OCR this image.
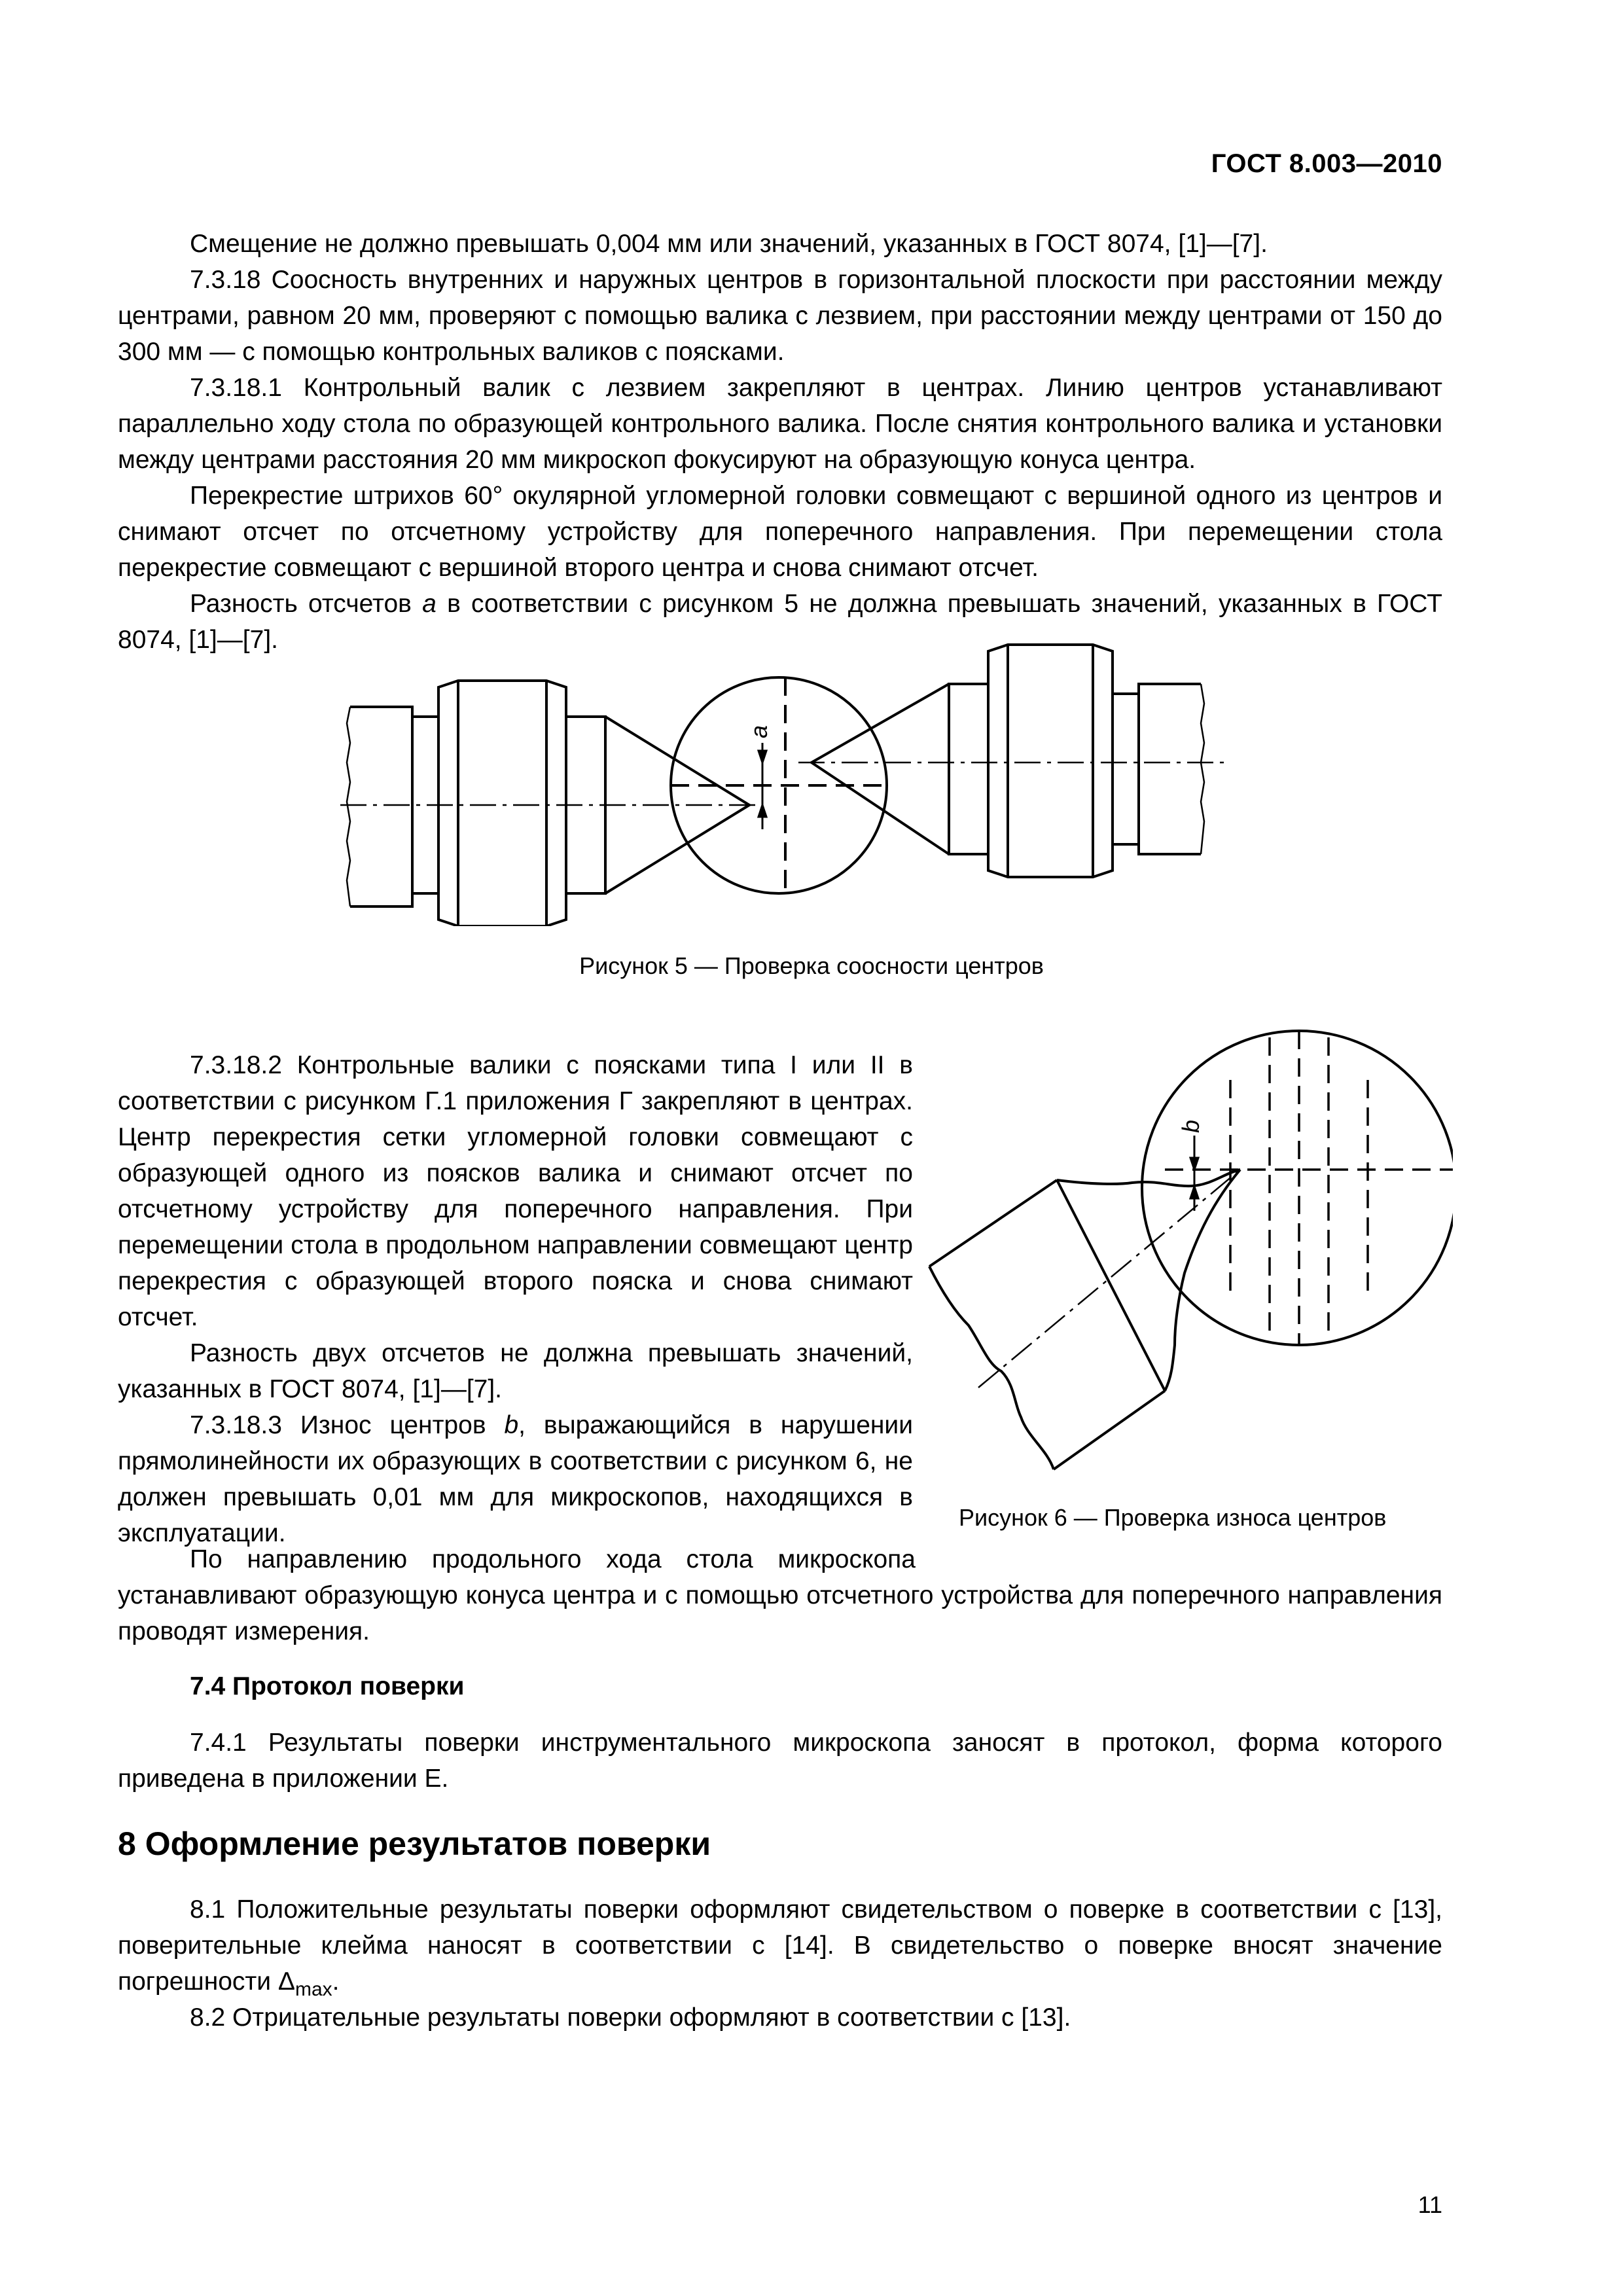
ГОСТ 8.003—2010

Смещение не должно превышать 0,004 мм или значений, указанных в ГОСТ 8074, [1]—[7].

7.3.18 Соосность внутренних и наружных центров в горизонтальной плоскости при расстоянии между центрами, равном 20 мм, проверяют с помощью валика с лезвием, при расстоянии между центрами от 150 до 300 мм — с помощью контрольных валиков с поясками.

7.3.18.1 Контрольный валик с лезвием закрепляют в центрах. Линию центров устанавливают параллельно ходу стола по образующей контрольного валика. После снятия контрольного валика и установки между центрами расстояния 20 мм микроскоп фокусируют на образующую конуса центра.

Перекрестие штрихов 60° окулярной угломерной головки совмещают с вершиной одного из центров и снимают отсчет по отсчетному устройству для поперечного направления. При перемещении стола перекрестие совмещают с вершиной второго центра и снова снимают отсчет.

Разность отсчетов a в соответствии с рисунком 5 не должна превышать значений, указанных в ГОСТ 8074, [1]—[7].

a
Рисунок 5 — Проверка соосности центров

7.3.18.2 Контрольные валики с поясками типа I или II в соответствии с рисунком Г.1 приложения Г закрепляют в центрах. Центр перекрестия сетки угломерной головки совмещают с образующей одного из поясков валика и снимают отсчет по отсчетному устройству для поперечного направления. При перемещении стола в продольном направлении совмещают центр перекрестия с образующей второго пояска и снова снимают отсчет.

Разность двух отсчетов не должна превышать значений, указанных в ГОСТ 8074, [1]—[7].

7.3.18.3 Износ центров b, выражающийся в нарушении прямолинейности их образующих в соответствии с рисунком 6, не должен превышать 0,01 мм для микроскопов, находящихся в эксплуатации.

b
Рисунок 6 — Проверка износа центров

По направлению продольного хода стола микроскопа устанавливают образующую конуса центра и с помощью отсчетного устройства для поперечного направления проводят измерения.

7.4 Протокол поверки

7.4.1 Результаты поверки инструментального микроскопа заносят в протокол, форма которого приведена в приложении Е.

8 Оформление результатов поверки

8.1 Положительные результаты поверки оформляют свидетельством о поверке в соответствии с [13], поверительные клейма наносят в соответствии с [14]. В свидетельство о поверке вносят значение погрешности $\Delta_{max}$.

8.2 Отрицательные результаты поверки оформляют в соответствии с [13].

11
